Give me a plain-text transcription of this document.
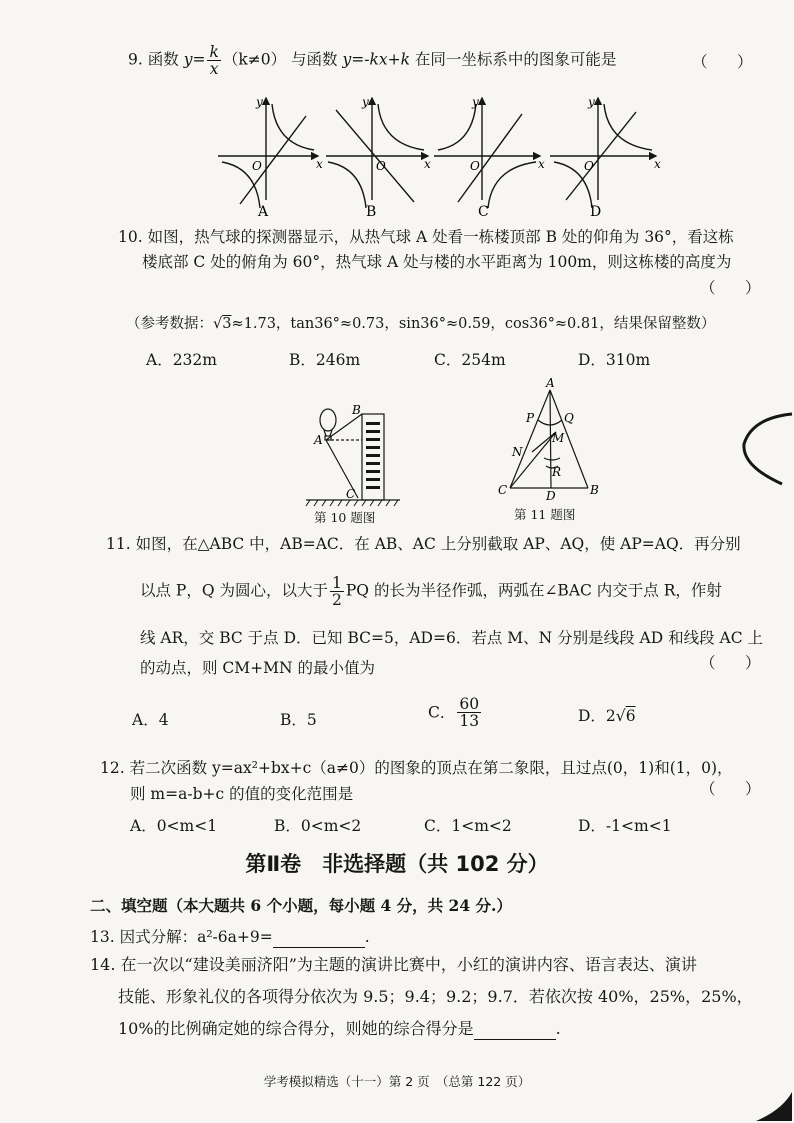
9. 函数 $y= \frac{k}{x} (k\ne 0)$ 与函数 y=-kx+k 在同一坐标系中的图象可能是	（      ）
y
x
O
y
x
O
y
x
O
y
x
O
A	B	C	D
10. 如图，热气球的探测器显示，从热气球 A 处看一栋楼顶部 B 处的仰角为 36°，看这栋
楼底部 C 处的俯角为 60°，热气球 A 处与楼的水平距离为 100m，则这栋楼的高度为
（      ）
（参考数据：√3≈1.73，tan36°≈0.73，sin36°≈0.59，cos36°≈0.81，结果保留整数）
A．232m	B．246m	C．254m	D．310m
A
B
C
第 10 题图
A
P Q
M
N
R
B
C	D
第 11 题图
11. 如图，在△ABC 中，AB=AC．在 AB、AC 上分别截取 AP、AQ，使 AP=AQ．再分别
以点 P，Q 为圆心，以大于 $\frac{1}{2}$ PQ 的长为半径作弧，两弧在∠BAC 内交于点 R，作射
线 AR，交 BC 于点 D．已知 BC=5，AD=6．若点 M、N 分别是线段 AD 和线段 AC 上
的动点，则 CM+MN 的最小值为	（      ）
A．4	B．5	C． $\frac{60}{13}$	D．2√6
12. 若二次函数 y=ax²+bx+c（a≠0）的图象的顶点在第二象限，且过点(0，1)和(1，0)，
则 m=a-b+c 的值的变化范围是	（      ）
A．0<m<1	B．0<m<2	C．1<m<2	D．-1<m<1
第Ⅱ卷　非选择题（共 102 分）
二、填空题（本大题共 6 个小题，每小题 4 分，共 24 分.）
13. 因式分解：a²-6a+9=	.
14. 在一次以“建设美丽济阳”为主题的演讲比赛中，小红的演讲内容、语言表达、演讲
技能、形象礼仪的各项得分依次为 9.5；9.4；9.2；9.7．若依次按 40%，25%，25%，
10%的比例确定她的综合得分，则她的综合得分是	.
学考模拟精选（十一）第 2 页　（总第 122 页）
